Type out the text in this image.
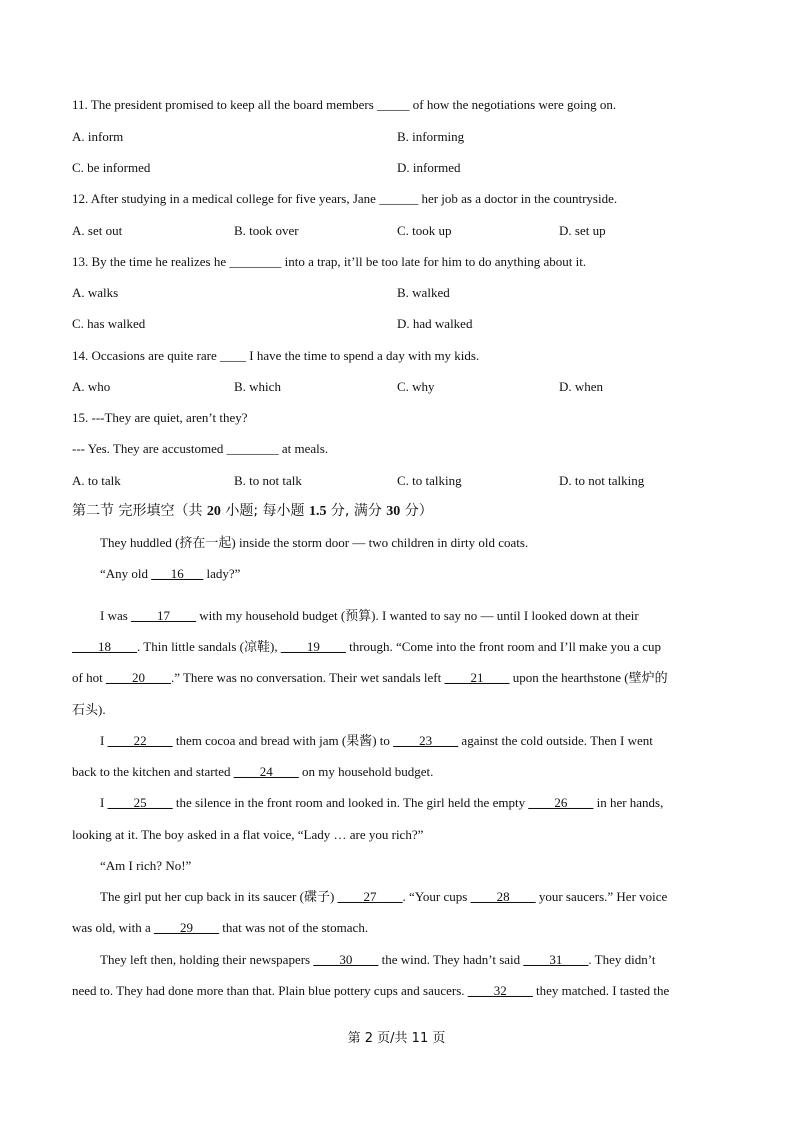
11. The president promised to keep all the board members _____ of how the negotiations were going on.
A. inform	B. informing
C. be informed	D. informed
12. After studying in a medical college for five years, Jane ______ her job as a doctor in the countryside.
A. set out	B. took over	C. took up	D. set up
13. By the time he realizes he ________ into a trap, it’ll be too late for him to do anything about it.
A. walks	B. walked
C. has walked	D. had walked
14. Occasions are quite rare ____ I have the time to spend a day with my kids.
A. who	B. which	C. why	D. when
15. ---They are quiet, aren’t they?
--- Yes. They are accustomed ________ at meals.
A. to talk	B. to not talk	C. to talking	D. to not talking
第二节 完形填空（共 20 小题; 每小题 1.5 分, 满分 30 分）
They huddled (挤在一起) inside the storm door — two children in dirty old coats.
“Any old ___16___ lady?”
I was ____17____ with my household budget (预算). I wanted to say no — until I looked down at their
____18____. Thin little sandals (凉鞋), ____19____ through. “Come into the front room and I’ll make you a cup
of hot ____20____.” There was no conversation. Their wet sandals left ____21____ upon the hearthstone (壁炉的
石头).
I ____22____ them cocoa and bread with jam (果酱) to ____23____ against the cold outside. Then I went
back to the kitchen and started ____24____ on my household budget.
I ____25____ the silence in the front room and looked in. The girl held the empty ____26____ in her hands,
looking at it. The boy asked in a flat voice, “Lady … are you rich?”
“Am I rich? No!”
The girl put her cup back in its saucer (碟子) ____27____. “Your cups ____28____ your saucers.” Her voice
was old, with a ____29____ that was not of the stomach.
They left then, holding their newspapers ____30____ the wind. They hadn’t said ____31____. They didn’t
need to. They had done more than that. Plain blue pottery cups and saucers. ____32____ they matched. I tasted the
第 2 页/共 11 页
